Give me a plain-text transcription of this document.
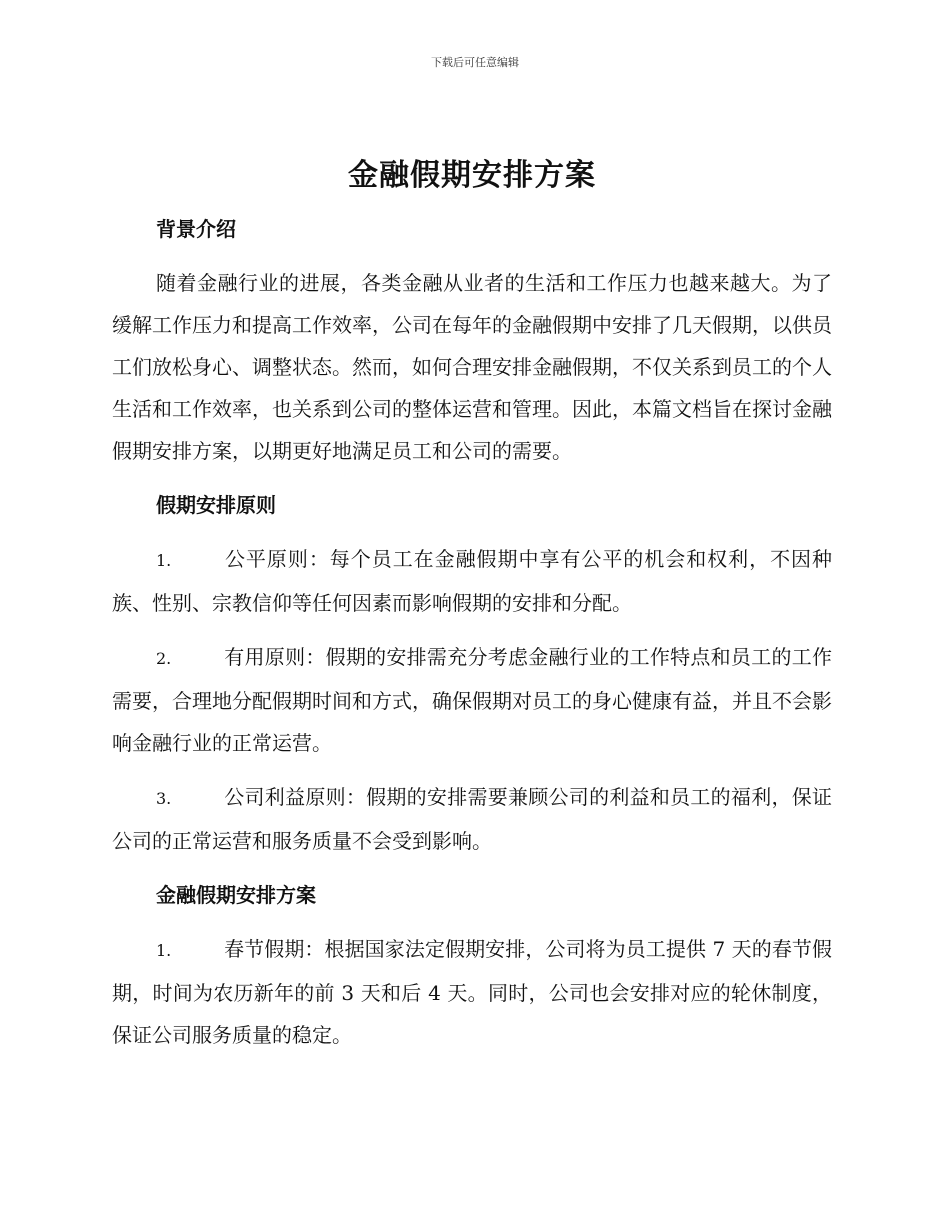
下载后可任意编辑
金融假期安排方案
背景介绍

随着金融行业的进展，各类金融从业者的生活和工作压力也越来越大。为了缓解工作压力和提高工作效率，公司在每年的金融假期中安排了几天假期，以供员工们放松身心、调整状态。然而，如何合理安排金融假期，不仅关系到员工的个人生活和工作效率，也关系到公司的整体运营和管理。因此，本篇文档旨在探讨金融假期安排方案，以期更好地满足员工和公司的需要。

假期安排原则

1.	公平原则：每个员工在金融假期中享有公平的机会和权利，不因种族、性别、宗教信仰等任何因素而影响假期的安排和分配。

2.	有用原则：假期的安排需充分考虑金融行业的工作特点和员工的工作需要，合理地分配假期时间和方式，确保假期对员工的身心健康有益，并且不会影响金融行业的正常运营。

3.	公司利益原则：假期的安排需要兼顾公司的利益和员工的福利，保证公司的正常运营和服务质量不会受到影响。

金融假期安排方案

1.	春节假期：根据国家法定假期安排，公司将为员工提供 7 天的春节假期，时间为农历新年的前 3 天和后 4 天。同时，公司也会安排对应的轮休制度，保证公司服务质量的稳定。
